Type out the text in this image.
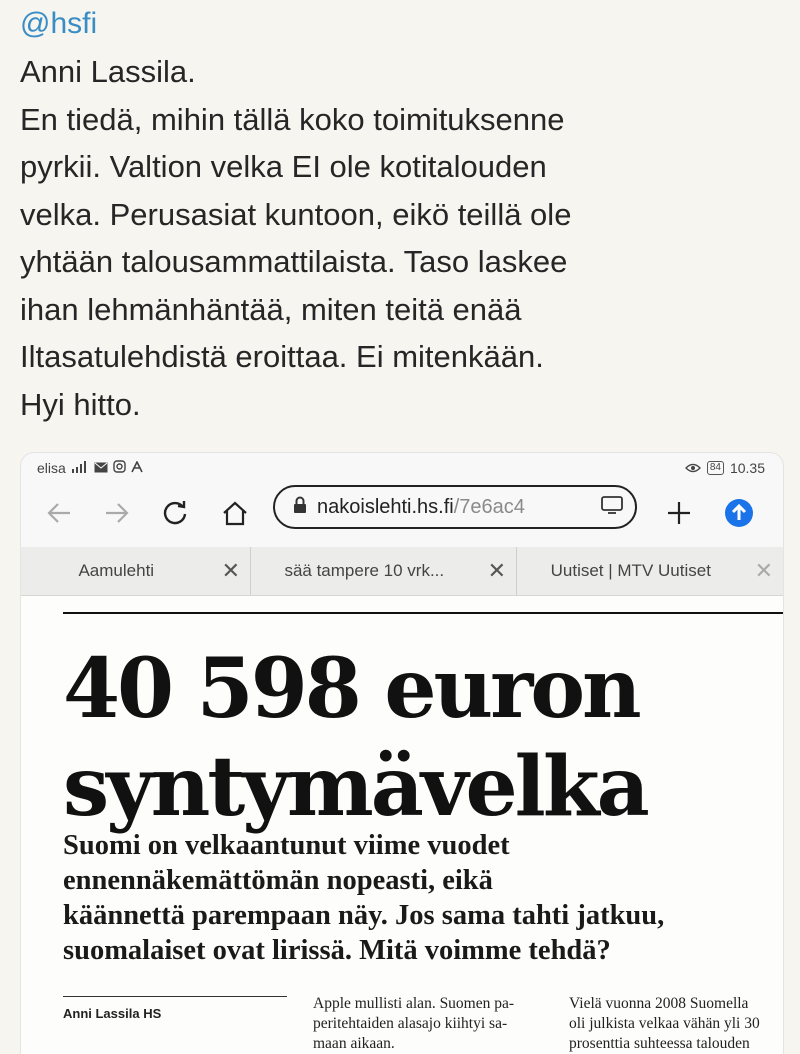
@hsfi
Anni Lassila.
En tiedä, mihin tällä koko toimituksenne
pyrkii. Valtion velka EI ole kotitalouden
velka. Perusasiat kuntoon, eikö teillä ole
yhtään talousammattilaista. Taso laskee
ihan lehmänhäntää, miten teitä enää
Iltasatulehdistä eroittaa. Ei mitenkään.
Hyi hitto.
elisa	84 10.35
nakoislehti.hs.fi /7e6ac4
Aamulehti	✕	sää tampere 10 vrk...	✕	Uutiset | MTV Uutiset	✕
40 598 euron
syntymävelka
Suomi on velkaantunut viime vuodet
ennennäkemättömän nopeasti, eikä
käännettä parempaan näy. Jos sama tahti jatkuu,
suomalaiset ovat lirissä. Mitä voimme tehdä?
Anni Lassila HS
Apple mullisti alan. Suomen pa-
peritehtaiden alasajo kiihtyi sa-
maan aikaan.
Vielä vuonna 2008 Suomella
oli julkista velkaa vähän yli 30
prosenttia suhteessa talouden
